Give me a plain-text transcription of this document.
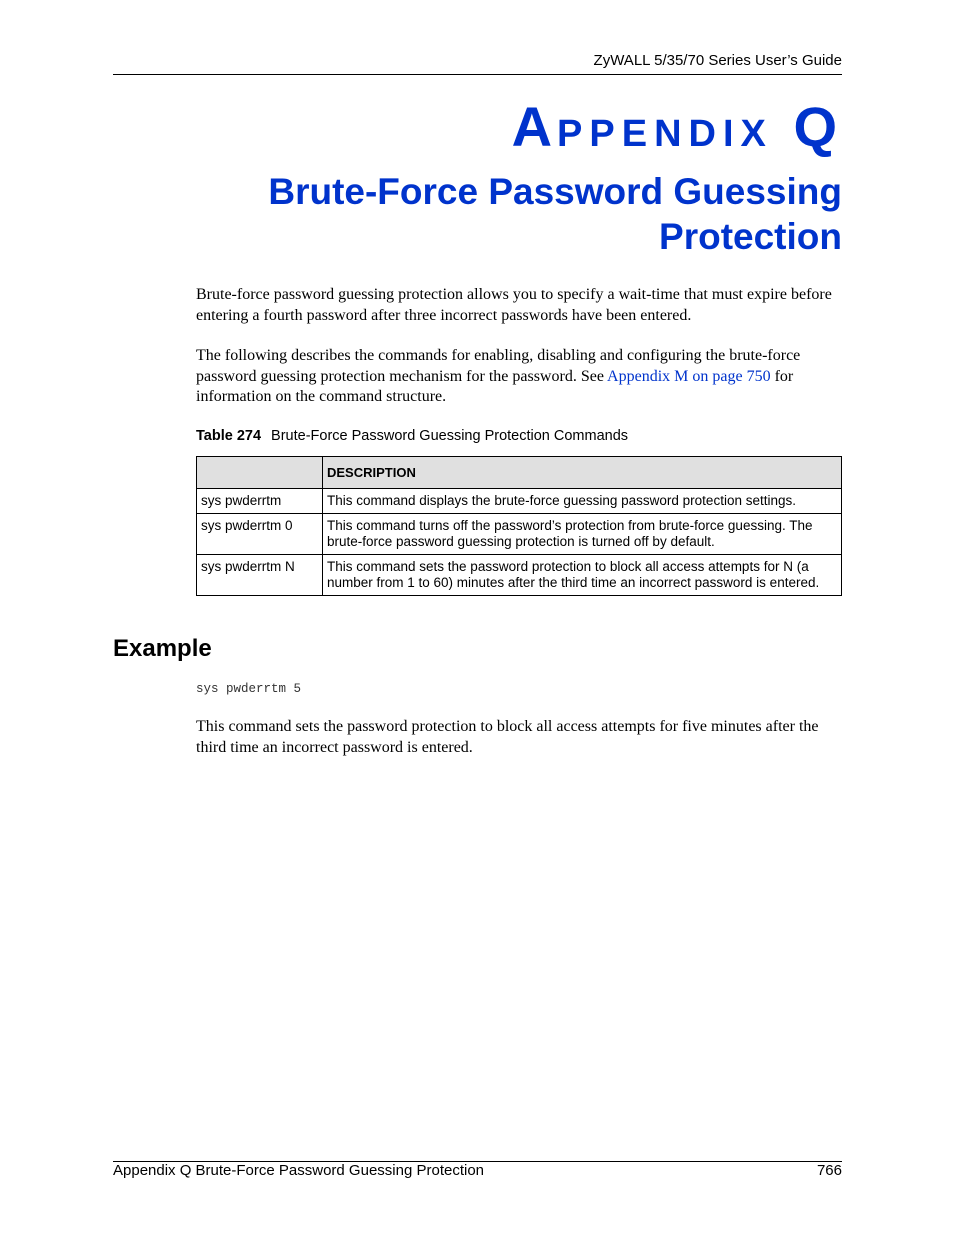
ZyWALL 5/35/70 Series User’s Guide
APPENDIX Q
Brute-Force Password Guessing Protection
Brute-force password guessing protection allows you to specify a wait-time that must expire before entering a fourth password after three incorrect passwords have been entered.
The following describes the commands for enabling, disabling and configuring the brute-force password guessing protection mechanism for the password. See Appendix M on page 750 for information on the command structure.
Table 274 Brute-Force Password Guessing Protection Commands
	DESCRIPTION
sys pwderrtm	This command displays the brute-force guessing password protection settings.
sys pwderrtm 0	This command turns off the password’s protection from brute-force guessing. The brute-force password guessing protection is turned off by default.
sys pwderrtm N	This command sets the password protection to block all access attempts for N (a number from 1 to 60) minutes after the third time an incorrect password is entered.
Example
sys pwderrtm 5
This command sets the password protection to block all access attempts for five minutes after the third time an incorrect password is entered.
Appendix Q Brute-Force Password Guessing Protection	766
